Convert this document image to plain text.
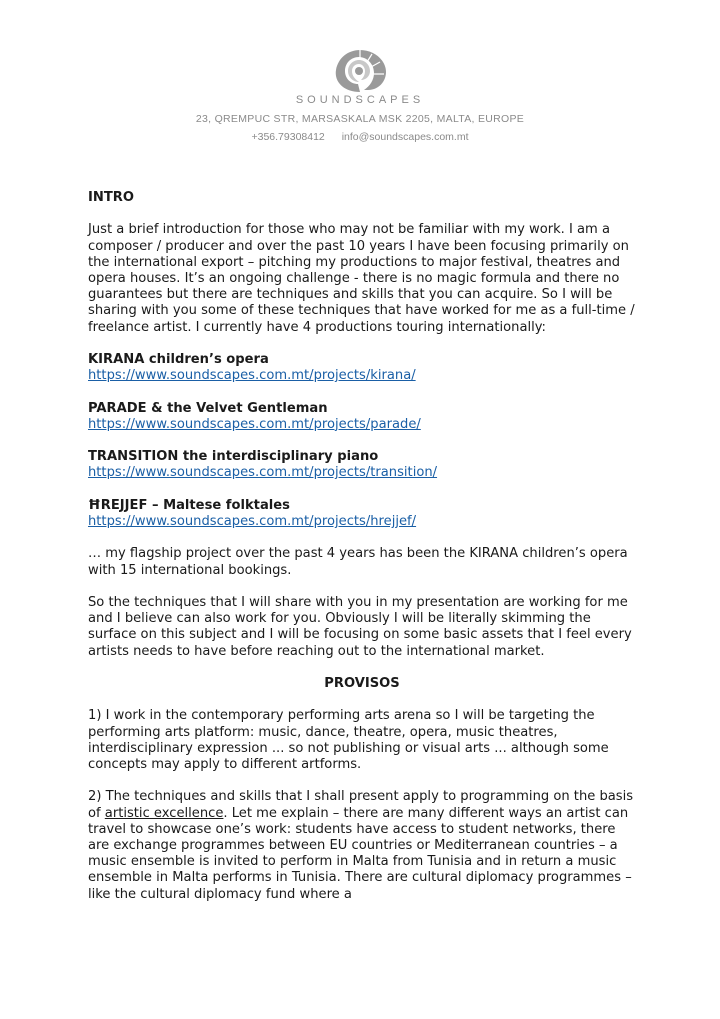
SOUNDSCAPES
23, QREMPUC STR, MARSASKALA MSK 2205, MALTA, EUROPE
+356.79308412 info@soundscapes.com.mt

INTRO

Just a brief introduction for those who may not be familiar with my work. I am a composer / producer and over the past 10 years I have been focusing primarily on the international export – pitching my productions to major festival, theatres and opera houses. It’s an ongoing challenge - there is no magic formula and there no guarantees but there are techniques and skills that you can acquire. So I will be sharing with you some of these techniques that have worked for me as a full-time / freelance artist. I currently have 4 productions touring internationally:

KIRANA children’s opera
https://www.soundscapes.com.mt/projects/kirana/
PARADE & the Velvet Gentleman
https://www.soundscapes.com.mt/projects/parade/
TRANSITION the interdisciplinary piano
https://www.soundscapes.com.mt/projects/transition/
ĦREJJEF – Maltese folktales
https://www.soundscapes.com.mt/projects/hrejjef/

… my flagship project over the past 4 years has been the KIRANA children’s opera with 15 international bookings.

So the techniques that I will share with you in my presentation are working for me and I believe can also work for you. Obviously I will be literally skimming the surface on this subject and I will be focusing on some basic assets that I feel every artists needs to have before reaching out to the international market.

PROVISOS

1) I work in the contemporary performing arts arena so I will be targeting the performing arts platform: music, dance, theatre, opera, music theatres, interdisciplinary expression ... so not publishing or visual arts ... although some concepts may apply to different artforms.

2) The techniques and skills that I shall present apply to programming on the basis of artistic excellence. Let me explain – there are many different ways an artist can travel to showcase one’s work: students have access to student networks, there are exchange programmes between EU countries or Mediterranean countries – a music ensemble is invited to perform in Malta from Tunisia and in return a music ensemble in Malta performs in Tunisia. There are cultural diplomacy programmes – like the cultural diplomacy fund where a
